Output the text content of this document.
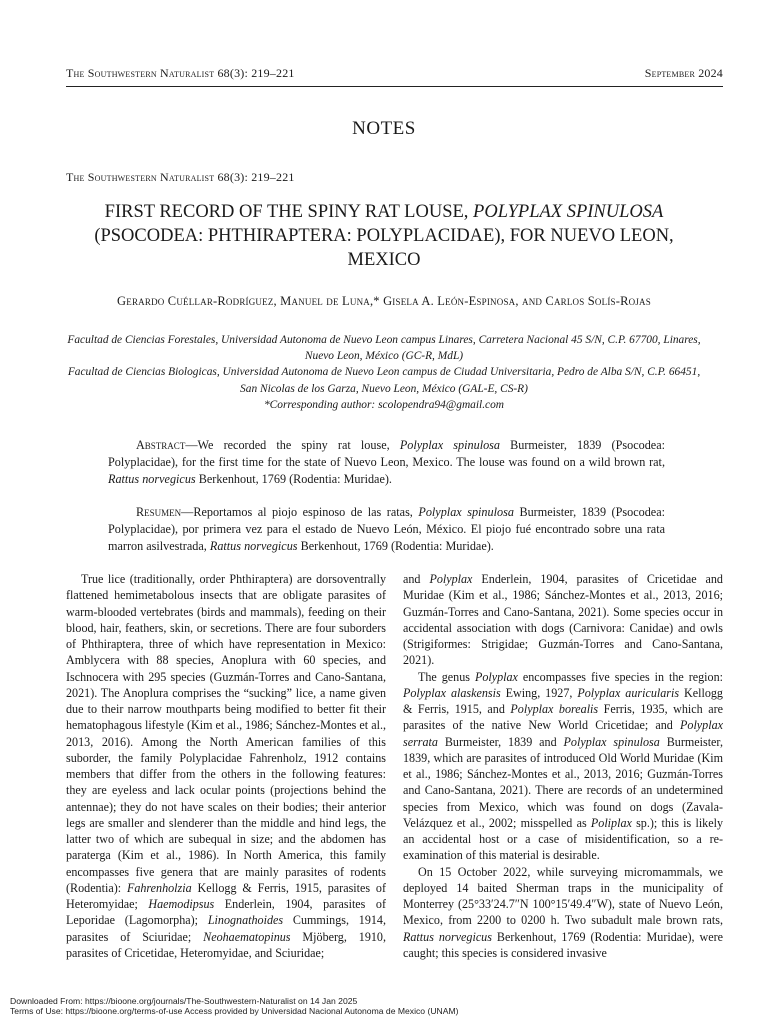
The Southwestern Naturalist 68(3): 219–221	September 2024
NOTES
The Southwestern Naturalist 68(3): 219–221
FIRST RECORD OF THE SPINY RAT LOUSE, POLYPLAX SPINULOSA (PSOCODEA: PHTHIRAPTERA: POLYPLACIDAE), FOR NUEVO LEON, MEXICO
Gerardo Cuéllar-Rodríguez, Manuel de Luna,* Gisela A. León-Espinosa, and Carlos Solís-Rojas
Facultad de Ciencias Forestales, Universidad Autonoma de Nuevo Leon campus Linares, Carretera Nacional 45 S/N, C.P. 67700, Linares, Nuevo Leon, México (GC-R, MdL)
Facultad de Ciencias Biologicas, Universidad Autonoma de Nuevo Leon campus de Ciudad Universitaria, Pedro de Alba S/N, C.P. 66451, San Nicolas de los Garza, Nuevo Leon, México (GAL-E, CS-R)
*Corresponding author: scolopendra94@gmail.com

Abstract—We recorded the spiny rat louse, Polyplax spinulosa Burmeister, 1839 (Psocodea: Polyplacidae), for the first time for the state of Nuevo Leon, Mexico. The louse was found on a wild brown rat, Rattus norvegicus Berkenhout, 1769 (Rodentia: Muridae).

Resumen—Reportamos al piojo espinoso de las ratas, Polyplax spinulosa Burmeister, 1839 (Psocodea: Polyplacidae), por primera vez para el estado de Nuevo León, México. El piojo fué encontrado sobre una rata marron asilvestrada, Rattus norvegicus Berkenhout, 1769 (Rodentia: Muridae).

True lice (traditionally, order Phthiraptera) are dorsoventrally flattened hemimetabolous insects that are obligate parasites of warm-blooded vertebrates (birds and mammals), feeding on their blood, hair, feathers, skin, or secretions. There are four suborders of Phthiraptera, three of which have representation in Mexico: Amblycera with 88 species, Anoplura with 60 species, and Ischnocera with 295 species (Guzmán-Torres and Cano-Santana, 2021). The Anoplura comprises the “sucking” lice, a name given due to their narrow mouthparts being modified to better fit their hematophagous lifestyle (Kim et al., 1986; Sánchez-Montes et al., 2013, 2016). Among the North American families of this suborder, the family Polyplacidae Fahrenholz, 1912 contains members that differ from the others in the following features: they are eyeless and lack ocular points (projections behind the antennae); they do not have scales on their bodies; their anterior legs are smaller and slenderer than the middle and hind legs, the latter two of which are subequal in size; and the abdomen has paraterga (Kim et al., 1986). In North America, this family encompasses five genera that are mainly parasites of rodents (Rodentia): Fahrenholzia Kellogg & Ferris, 1915, parasites of Heteromyidae; Haemodipsus Enderlein, 1904, parasites of Leporidae (Lagomorpha); Linognathoides Cummings, 1914, parasites of Sciuridae; Neohaematopinus Mjöberg, 1910, parasites of Cricetidae, Heteromyidae, and Sciuridae;

and Polyplax Enderlein, 1904, parasites of Cricetidae and Muridae (Kim et al., 1986; Sánchez-Montes et al., 2013, 2016; Guzmán-Torres and Cano-Santana, 2021). Some species occur in accidental association with dogs (Carnivora: Canidae) and owls (Strigiformes: Strigidae; Guzmán-Torres and Cano-Santana, 2021).

The genus Polyplax encompasses five species in the region: Polyplax alaskensis Ewing, 1927, Polyplax auricularis Kellogg & Ferris, 1915, and Polyplax borealis Ferris, 1935, which are parasites of the native New World Cricetidae; and Polyplax serrata Burmeister, 1839 and Polyplax spinulosa Burmeister, 1839, which are parasites of introduced Old World Muridae (Kim et al., 1986; Sánchez-Montes et al., 2013, 2016; Guzmán-Torres and Cano-Santana, 2021). There are records of an undetermined species from Mexico, which was found on dogs (Zavala-Velázquez et al., 2002; misspelled as Poliplax sp.); this is likely an accidental host or a case of misidentification, so a re-examination of this material is desirable.

On 15 October 2022, while surveying micromammals, we deployed 14 baited Sherman traps in the municipality of Monterrey (25°33′24.7″N 100°15′49.4″W), state of Nuevo León, Mexico, from 2200 to 0200 h. Two subadult male brown rats, Rattus norvegicus Berkenhout, 1769 (Rodentia: Muridae), were caught; this species is considered invasive

Downloaded From: https://bioone.org/journals/The-Southwestern-Naturalist on 14 Jan 2025
Terms of Use: https://bioone.org/terms-of-use Access provided by Universidad Nacional Autonoma de Mexico (UNAM)
